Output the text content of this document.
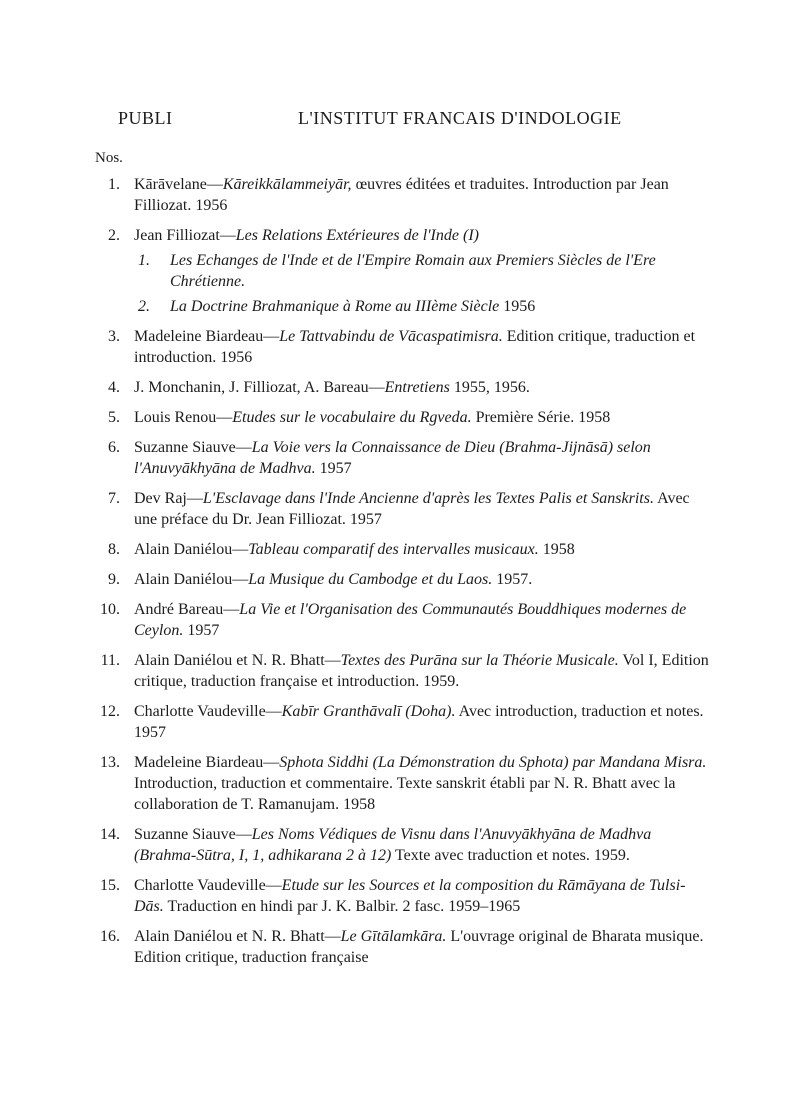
PUBLI	L'INSTITUT FRANCAIS D'INDOLOGIE
Nos.
1. Kārāvelane—Kāreikkālammeiyār, œuvres éditées et traduites. Introduction par Jean Filliozat. 1956
2. Jean Filliozat—Les Relations Extérieures de l'Inde (I)
1. Les Echanges de l'Inde et de l'Empire Romain aux Premiers Siècles de l'Ere Chrétienne.
2. La Doctrine Brahmanique à Rome au IIIème Siècle 1956
3. Madeleine Biardeau—Le Tattvabindu de Vācaspatimisra. Edition critique, traduction et introduction. 1956
4. J. Monchanin, J. Filliozat, A. Bareau—Entretiens 1955, 1956.
5. Louis Renou—Etudes sur le vocabulaire du Rgveda. Première Série. 1958
6. Suzanne Siauve—La Voie vers la Connaissance de Dieu (Brahma-Jijnāsā) selon l'Anuvyākhyāna de Madhva. 1957
7. Dev Raj—L'Esclavage dans l'Inde Ancienne d'après les Textes Palis et Sanskrits. Avec une préface du Dr. Jean Filliozat. 1957
8. Alain Daniélou—Tableau comparatif des intervalles musicaux. 1958
9. Alain Daniélou—La Musique du Cambodge et du Laos. 1957.
10. André Bareau—La Vie et l'Organisation des Communautés Bouddhiques modernes de Ceylon. 1957
11. Alain Daniélou et N. R. Bhatt—Textes des Purāna sur la Théorie Musicale. Vol I, Edition critique, traduction française et introduction. 1959.
12. Charlotte Vaudeville—Kabīr Granthāvalī (Doha). Avec introduction, traduction et notes. 1957
13. Madeleine Biardeau—Sphota Siddhi (La Démonstration du Sphota) par Mandana Misra. Introduction, traduction et commentaire. Texte sanskrit établi par N. R. Bhatt avec la collaboration de T. Ramanujam. 1958
14. Suzanne Siauve—Les Noms Védiques de Visnu dans l'Anuvyākhyāna de Madhva (Brahma-Sūtra, I, 1, adhikarana 2 à 12) Texte avec traduction et notes. 1959.
15. Charlotte Vaudeville—Etude sur les Sources et la composition du Rāmāyana de Tulsi-Dās. Traduction en hindi par J. K. Balbir. 2 fasc. 1959–1965
16. Alain Daniélou et N. R. Bhatt—Le Gītālamkāra. L'ouvrage original de Bharata musique. Edition critique, traduction française
